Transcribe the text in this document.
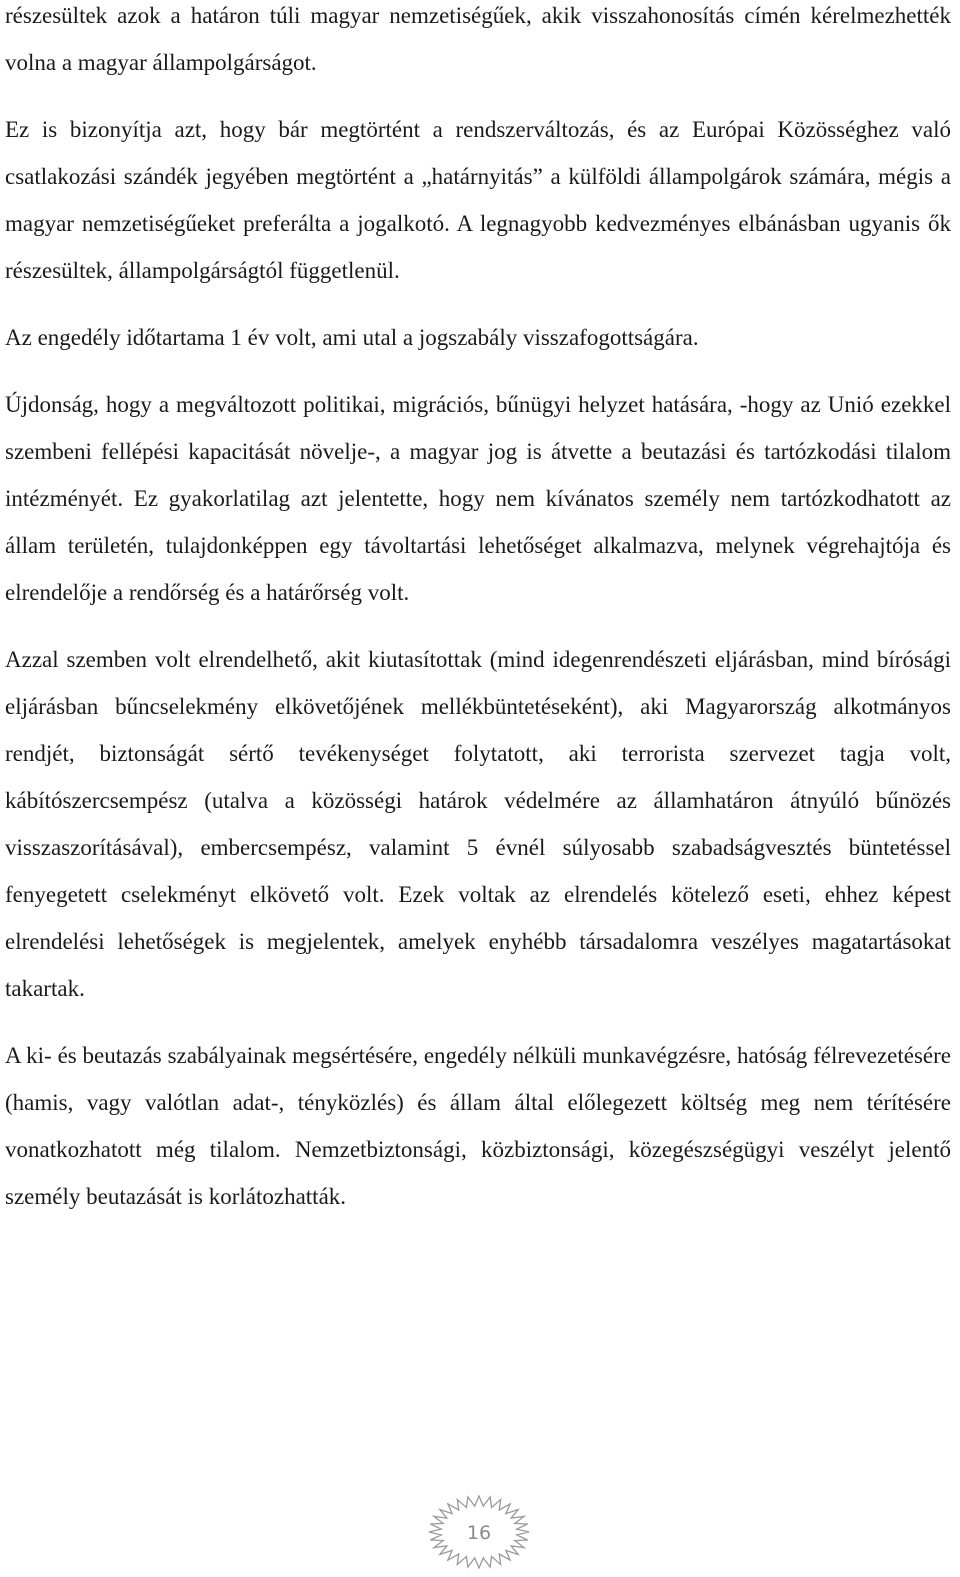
részesültek azok a határon túli magyar nemzetiségűek, akik visszahonosítás címén kérelmezhették volna a magyar állampolgárságot.

Ez is bizonyítja azt, hogy bár megtörtént a rendszerváltozás, és az Európai Közösséghez való csatlakozási szándék jegyében megtörtént a „határnyitás” a külföldi állampolgárok számára, mégis a magyar nemzetiségűeket preferálta a jogalkotó. A legnagyobb kedvezményes elbánásban ugyanis ők részesültek, állampolgárságtól függetlenül.

Az engedély időtartama 1 év volt, ami utal a jogszabály visszafogottságára.

Újdonság, hogy a megváltozott politikai, migrációs, bűnügyi helyzet hatására, -hogy az Unió ezekkel szembeni fellépési kapacitását növelje-, a magyar jog is átvette a beutazási és tartózkodási tilalom intézményét. Ez gyakorlatilag azt jelentette, hogy nem kívánatos személy nem tartózkodhatott az állam területén, tulajdonképpen egy távoltartási lehetőséget alkalmazva, melynek végrehajtója és elrendelője a rendőrség és a határőrség volt.

Azzal szemben volt elrendelhető, akit kiutasítottak (mind idegenrendészeti eljárásban, mind bírósági eljárásban bűncselekmény elkövetőjének mellékbüntetéseként), aki Magyarország alkotmányos rendjét, biztonságát sértő tevékenységet folytatott, aki terrorista szervezet tagja volt, kábítószercsempész (utalva a közösségi határok védelmére az államhatáron átnyúló bűnözés visszaszorításával), embercsempész, valamint 5 évnél súlyosabb szabadságvesztés büntetéssel fenyegetett cselekményt elkövető volt. Ezek voltak az elrendelés kötelező eseti, ehhez képest elrendelési lehetőségek is megjelentek, amelyek enyhébb társadalomra veszélyes magatartásokat takartak.

A ki- és beutazás szabályainak megsértésére, engedély nélküli munkavégzésre, hatóság félrevezetésére (hamis, vagy valótlan adat-, tényközlés) és állam által előlegezett költség meg nem térítésére vonatkozhatott még tilalom. Nemzetbiztonsági, közbiztonsági, közegészségügyi veszélyt jelentő személy beutazását is korlátozhatták.

16
